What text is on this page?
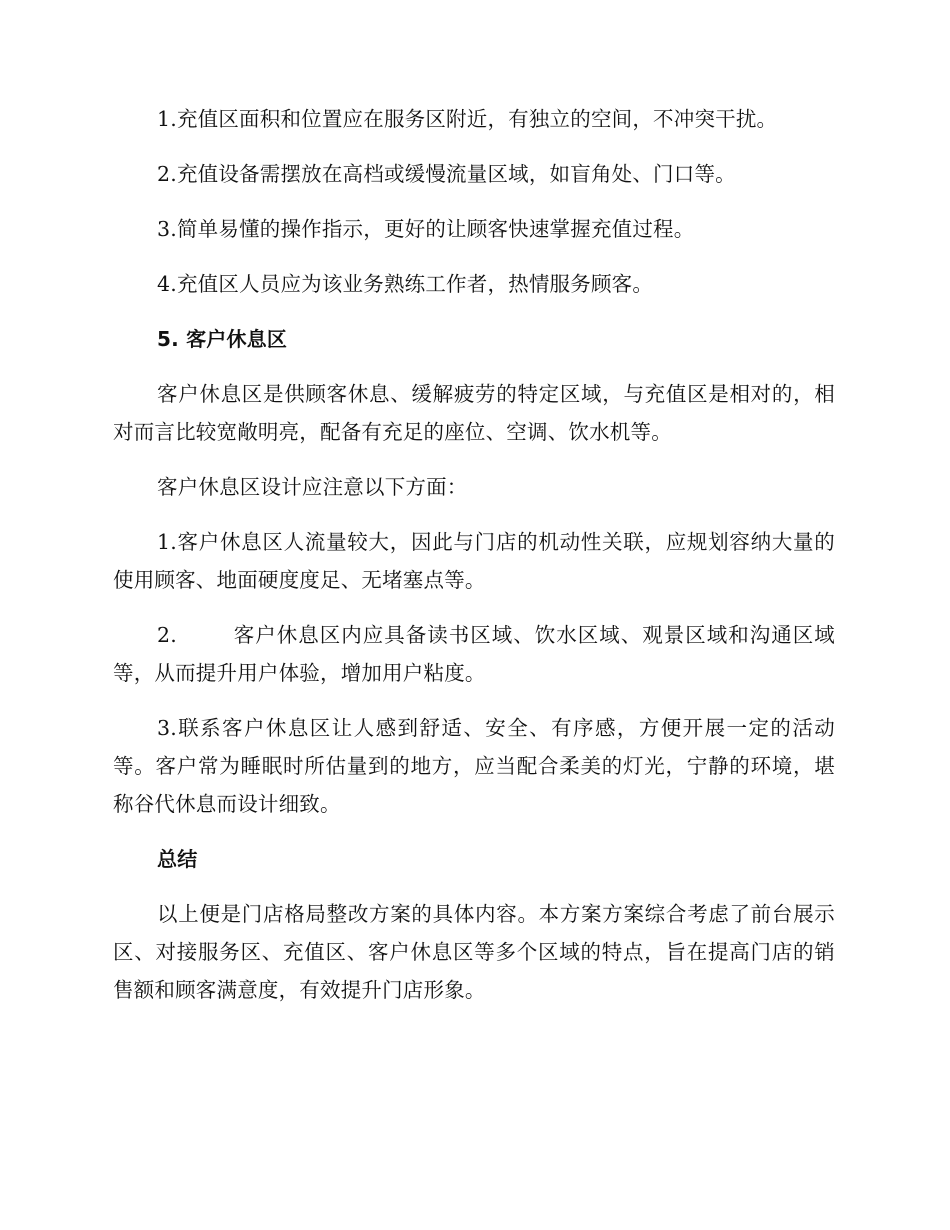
1.充值区面积和位置应在服务区附近，有独立的空间，不冲突干扰。

2.充值设备需摆放在高档或缓慢流量区域，如盲角处、门口等。

3.简单易懂的操作指示，更好的让顾客快速掌握充值过程。

4.充值区人员应为该业务熟练工作者，热情服务顾客。

5. 客户休息区

客户休息区是供顾客休息、缓解疲劳的特定区域，与充值区是相对的，相对而言比较宽敞明亮，配备有充足的座位、空调、饮水机等。

客户休息区设计应注意以下方面：

1.客户休息区人流量较大，因此与门店的机动性关联，应规划容纳大量的使用顾客、地面硬度度足、无堵塞点等。

2.	客户休息区内应具备读书区域、饮水区域、观景区域和沟通区域等，从而提升用户体验，增加用户粘度。

3.联系客户休息区让人感到舒适、安全、有序感，方便开展一定的活动等。客户常为睡眠时所估量到的地方，应当配合柔美的灯光，宁静的环境，堪称谷代休息而设计细致。

总结

以上便是门店格局整改方案的具体内容。本方案方案综合考虑了前台展示区、对接服务区、充值区、客户休息区等多个区域的特点，旨在提高门店的销售额和顾客满意度，有效提升门店形象。
